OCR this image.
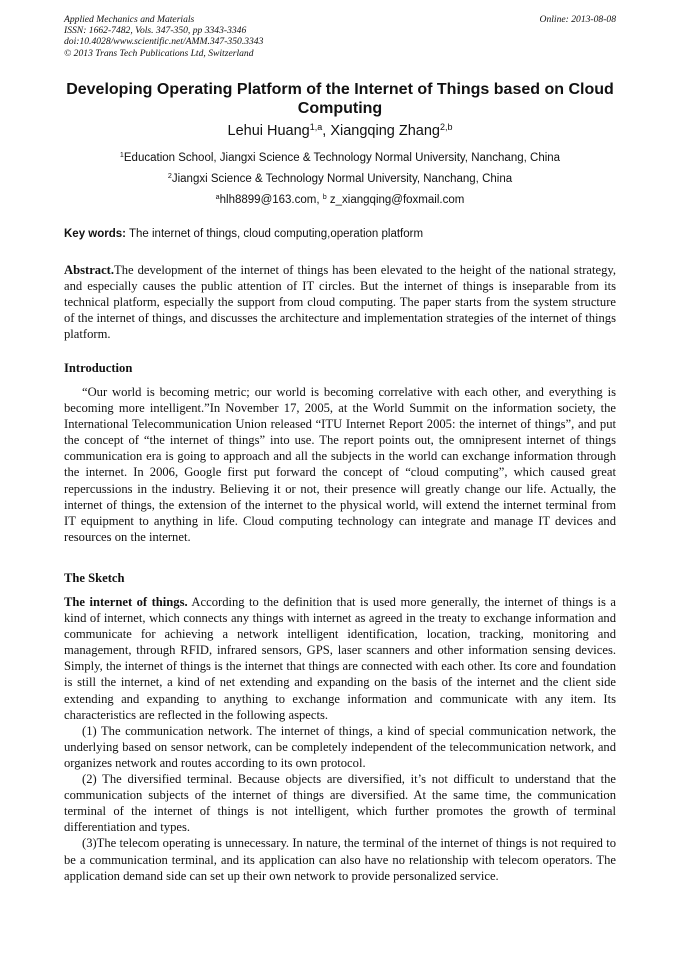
Applied Mechanics and Materials
ISSN: 1662-7482, Vols. 347-350, pp 3343-3346
doi:10.4028/www.scientific.net/AMM.347-350.3343
© 2013 Trans Tech Publications Ltd, Switzerland
Online: 2013-08-08
Developing Operating Platform of the Internet of Things based on Cloud Computing
Lehui Huang$^{1,a}$, Xiangqing Zhang$^{2,b}$
$^1$Education School, Jiangxi Science & Technology Normal University, Nanchang, China
$^2$Jiangxi Science & Technology Normal University, Nanchang, China
$^a$hlh8899@163.com, $^b$ z_xiangqing@foxmail.com
Key words: The internet of things, cloud computing,operation platform

Abstract.The development of the internet of things has been elevated to the height of the national strategy, and especially causes the public attention of IT circles. But the internet of things is inseparable from its technical platform, especially the support from cloud computing. The paper starts from the system structure of the internet of things, and discusses the architecture and implementation strategies of the internet of things platform.

Introduction

“Our world is becoming metric; our world is becoming correlative with each other, and everything is becoming more intelligent.”In November 17, 2005, at the World Summit on the information society, the International Telecommunication Union released “ITU Internet Report 2005: the internet of things”, and put the concept of “the internet of things” into use. The report points out, the omnipresent internet of things communication era is going to approach and all the subjects in the world can exchange information through the internet. In 2006, Google first put forward the concept of “cloud computing”, which caused great repercussions in the industry. Believing it or not, their presence will greatly change our life. Actually, the internet of things, the extension of the internet to the physical world, will extend the internet terminal from IT equipment to anything in life. Cloud computing technology can integrate and manage IT devices and resources on the internet.

The Sketch

The internet of things. According to the definition that is used more generally, the internet of things is a kind of internet, which connects any things with internet as agreed in the treaty to exchange information and communicate for achieving a network intelligent identification, location, tracking, monitoring and management, through RFID, infrared sensors, GPS, laser scanners and other information sensing devices. Simply, the internet of things is the internet that things are connected with each other. Its core and foundation is still the internet, a kind of net extending and expanding on the basis of the internet and the client side extending and expanding to anything to exchange information and communicate with any item. Its characteristics are reflected in the following aspects.

(1) The communication network. The internet of things, a kind of special communication network, the underlying based on sensor network, can be completely independent of the telecommunication network, and organizes network and routes according to its own protocol.

(2) The diversified terminal. Because objects are diversified, it’s not difficult to understand that the communication subjects of the internet of things are diversified. At the same time, the communication terminal of the internet of things is not intelligent, which further promotes the growth of terminal differentiation and types.

(3)The telecom operating is unnecessary. In nature, the terminal of the internet of things is not required to be a communication terminal, and its application can also have no relationship with telecom operators. The application demand side can set up their own network to provide personalized service.
